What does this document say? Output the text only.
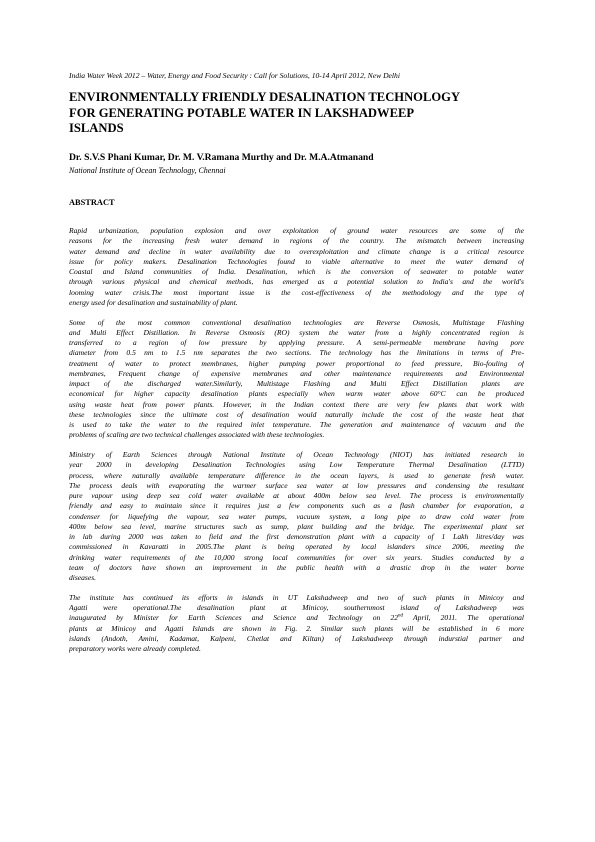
India Water Week 2012 – Water, Energy and Food Security : Call for Solutions, 10-14 April 2012, New Delhi
ENVIRONMENTALLY FRIENDLY DESALINATION TECHNOLOGY
FOR GENERATING POTABLE WATER IN LAKSHADWEEP
ISLANDS
Dr. S.V.S Phani Kumar, Dr. M. V.Ramana Murthy and Dr. M.A.Atmanand
National Institute of Ocean Technology, Chennai
ABSTRACT

Rapid urbanization, population explosion and over exploitation of ground water resources are some of the
reasons for the increasing fresh water demand in regions of the country. The mismatch between increasing
water demand and decline in water availability due to overexploitation and climate change is a critical resource
issue for policy makers. Desalination Technologies found to viable alternative to meet the water demand of
Coastal and Island communities of India. Desalination, which is the conversion of seawater to potable water
through various physical and chemical methods, has emerged as a potential solution to India's and the world's
looming water crisis.The most important issue is the cost-effectiveness of the methodology and the type of
energy used for desalination and sustainability of plant.

Some of the most common conventional desalination technologies are Reverse Osmosis, Multistage Flashing
and Multi Effect Distillation. In Reverse Osmosis (RO) system the water from a highly concentrated region is
transferred to a region of low pressure by applying pressure. A semi-permeable membrane having pore
diameter from 0.5 nm to 1.5 nm separates the two sections. The technology has the limitations in terms of Pre-
treatment of water to protect membranes, higher pumping power proportional to feed pressure, Bio-fouling of
membranes, Frequent change of expensive membranes and other maintenance requirements and Environmental
impact of the discharged water.Similarly, Multistage Flashing and Multi Effect Distillation plants are
economical for higher capacity desalination plants especially when warm water above 60°C can be produced
using waste heat from power plants. However, in the Indian context there are very few plants that work with
these technologies since the ultimate cost of desalination would naturally include the cost of the waste heat that
is used to take the water to the required inlet temperature. The generation and maintenance of vacuum and the
problems of scaling are two technical challenges associated with these technologies.

Ministry of Earth Sciences through National Institute of Ocean Technology (NIOT) has initiated research in
year 2000 in developing Desalination Technologies using Low Temperature Thermal Desalination (LTTD)
process, where naturally available temperature difference in the ocean layers, is used to generate fresh water.
The process deals with evaporating the warmer surface sea water at low pressures and condensing the resultant
pure vapour using deep sea cold water available at about 400m below sea level. The process is environmentally
friendly and easy to maintain since it requires just a few components such as a flash chamber for evaporation, a
condenser for liquefying the vapour, sea water pumps, vacuum system, a long pipe to draw cold water from
400m below sea level, marine structures such as sump, plant building and the bridge. The experimental plant set
in lab during 2000 was taken to field and the first demonstration plant with a capacity of 1 Lakh litres/day was
commissioned in Kavaratti in 2005.The plant is being operated by local islanders since 2006, meeting the
drinking water requirements of the 10,000 strong local communities for over six years. Studies conducted by a
team of doctors have shown an improvement in the public health with a drastic drop in the water borne
diseases.

The institute has continued its efforts in islands in UT Lakshadweep and two of such plants in Minicoy and
Agatti were operational.The desalination plant at Minicoy, southernmost island of Lakshadweep was
inaugurated by Minister for Earth Sciences and Science and Technology on 22nd April, 2011. The operational
plants at Minicoy and Agatti Islands are shown in Fig. 2. Similar such plants will be established in 6 more
islands (Andoth, Amini, Kadamat, Kalpeni, Chetlat and Kiltan) of Lakshadweep through indurstial partner and
preparatory works were already completed.
